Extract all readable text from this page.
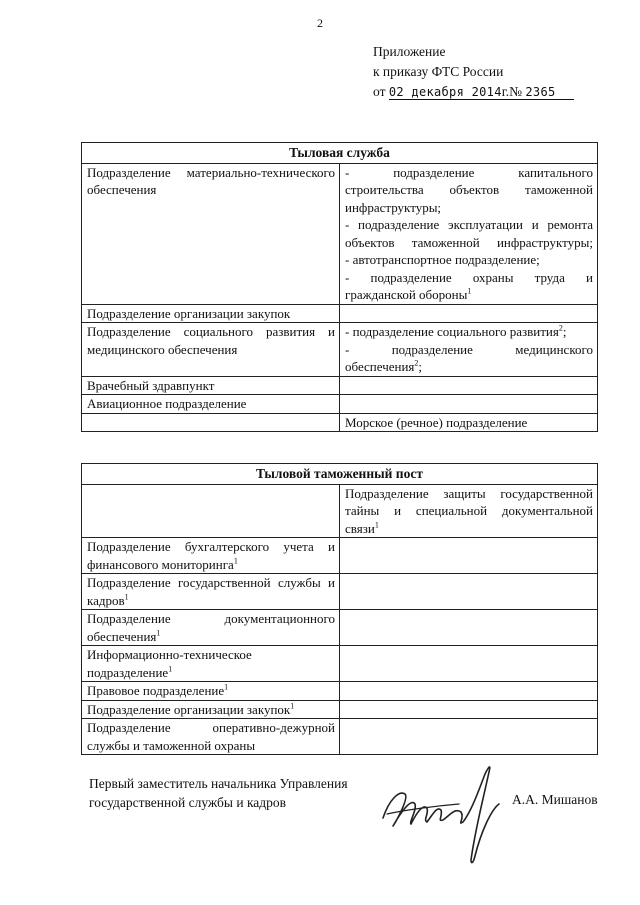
2
Приложение
к приказу ФТС России
от 02 декабря 2014г.№ 2365
Тыловая служба	
Подразделение материально-технического обеспечения	- подразделение капитального строительства объектов таможенной инфраструктуры;
- подразделение эксплуатации и ремонта объектов таможенной инфраструктуры;
- автотранспортное подразделение;
- подразделение охраны труда и гражданской обороны$^1$

Подразделение организации закупок	
Подразделение социального развития и медицинского обеспечения	- подразделение социального развития$^2$;
- подразделение медицинского обеспечения$^2$;

Врачебный здравпункт	
Авиационное подразделение	
	Морское (речное) подразделение
Тыловой таможенный пост	
	Подразделение защиты государственной тайны и специальной документальной связи$^1$
Подразделение бухгалтерского учета и финансового мониторинга$^1$	
Подразделение государственной службы и кадров$^1$	
Подразделение документационного обеспечения$^1$	
Информационно-техническое подразделение$^1$	
Правовое подразделение$^1$	
Подразделение организации закупок$^1$	
Подразделение оперативно-дежурной службы и таможенной охраны	
Первый заместитель начальника Управления
государственной службы и кадров	А.А. Мишанов
